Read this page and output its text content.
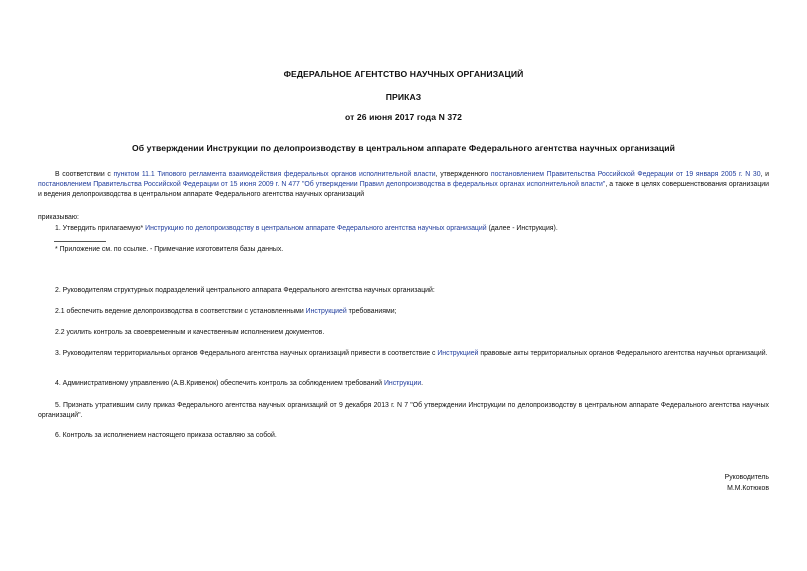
ФЕДЕРАЛЬНОЕ АГЕНТСТВО НАУЧНЫХ ОРГАНИЗАЦИЙ
ПРИКАЗ
от 26 июня 2017 года N 372
Об утверждении Инструкции по делопроизводству в центральном аппарате Федерального агентства научных организаций
В соответствии с пунктом 11.1 Типового регламента взаимодействия федеральных органов исполнительной власти, утвержденного постановлением Правительства Российской Федерации от 19 января 2005 г. N 30, и постановлением Правительства Российской Федерации от 15 июня 2009 г. N 477 "Об утверждении Правил делопроизводства в федеральных органах исполнительной власти", а также в целях совершенствования организации и ведения делопроизводства в центральном аппарате Федерального агентства научных организаций
приказываю:
1. Утвердить прилагаемую* Инструкцию по делопроизводству в центральном аппарате Федерального агентства научных организаций (далее - Инструкция).
* Приложение см. по ссылке. - Примечание изготовителя базы данных.
2. Руководителям структурных подразделений центрального аппарата Федерального агентства научных организаций:
2.1 обеспечить ведение делопроизводства в соответствии с установленными Инструкцией требованиями;
2.2 усилить контроль за своевременным и качественным исполнением документов.
3. Руководителям территориальных органов Федерального агентства научных организаций привести в соответствие с Инструкцией правовые акты территориальных органов Федерального агентства научных организаций.
4. Административному управлению (А.В.Кривенок) обеспечить контроль за соблюдением требований Инструкции.
5. Признать утратившим силу приказ Федерального агентства научных организаций от 9 декабря 2013 г. N 7 "Об утверждении Инструкции по делопроизводству в центральном аппарате Федерального агентства научных организаций".
6. Контроль за исполнением настоящего приказа оставляю за собой.
Руководитель
М.М.Котюков
